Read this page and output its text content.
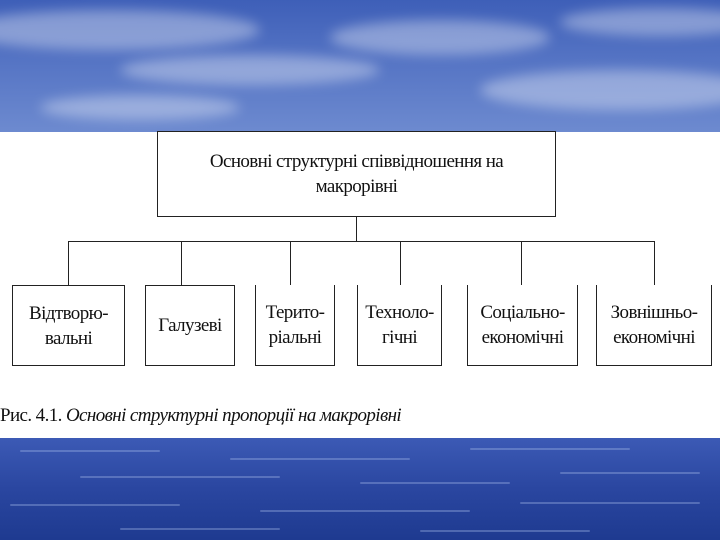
Основні структурні співвідношення на
макрорівні
Відтворю-
вальні
Галузеві
Терито-
ріальні
Техноло-
гічні
Соціально-
економічні
Зовнішньо-
економічні
Рис. 4.1. Основні структурні пропорції на макрорівні
